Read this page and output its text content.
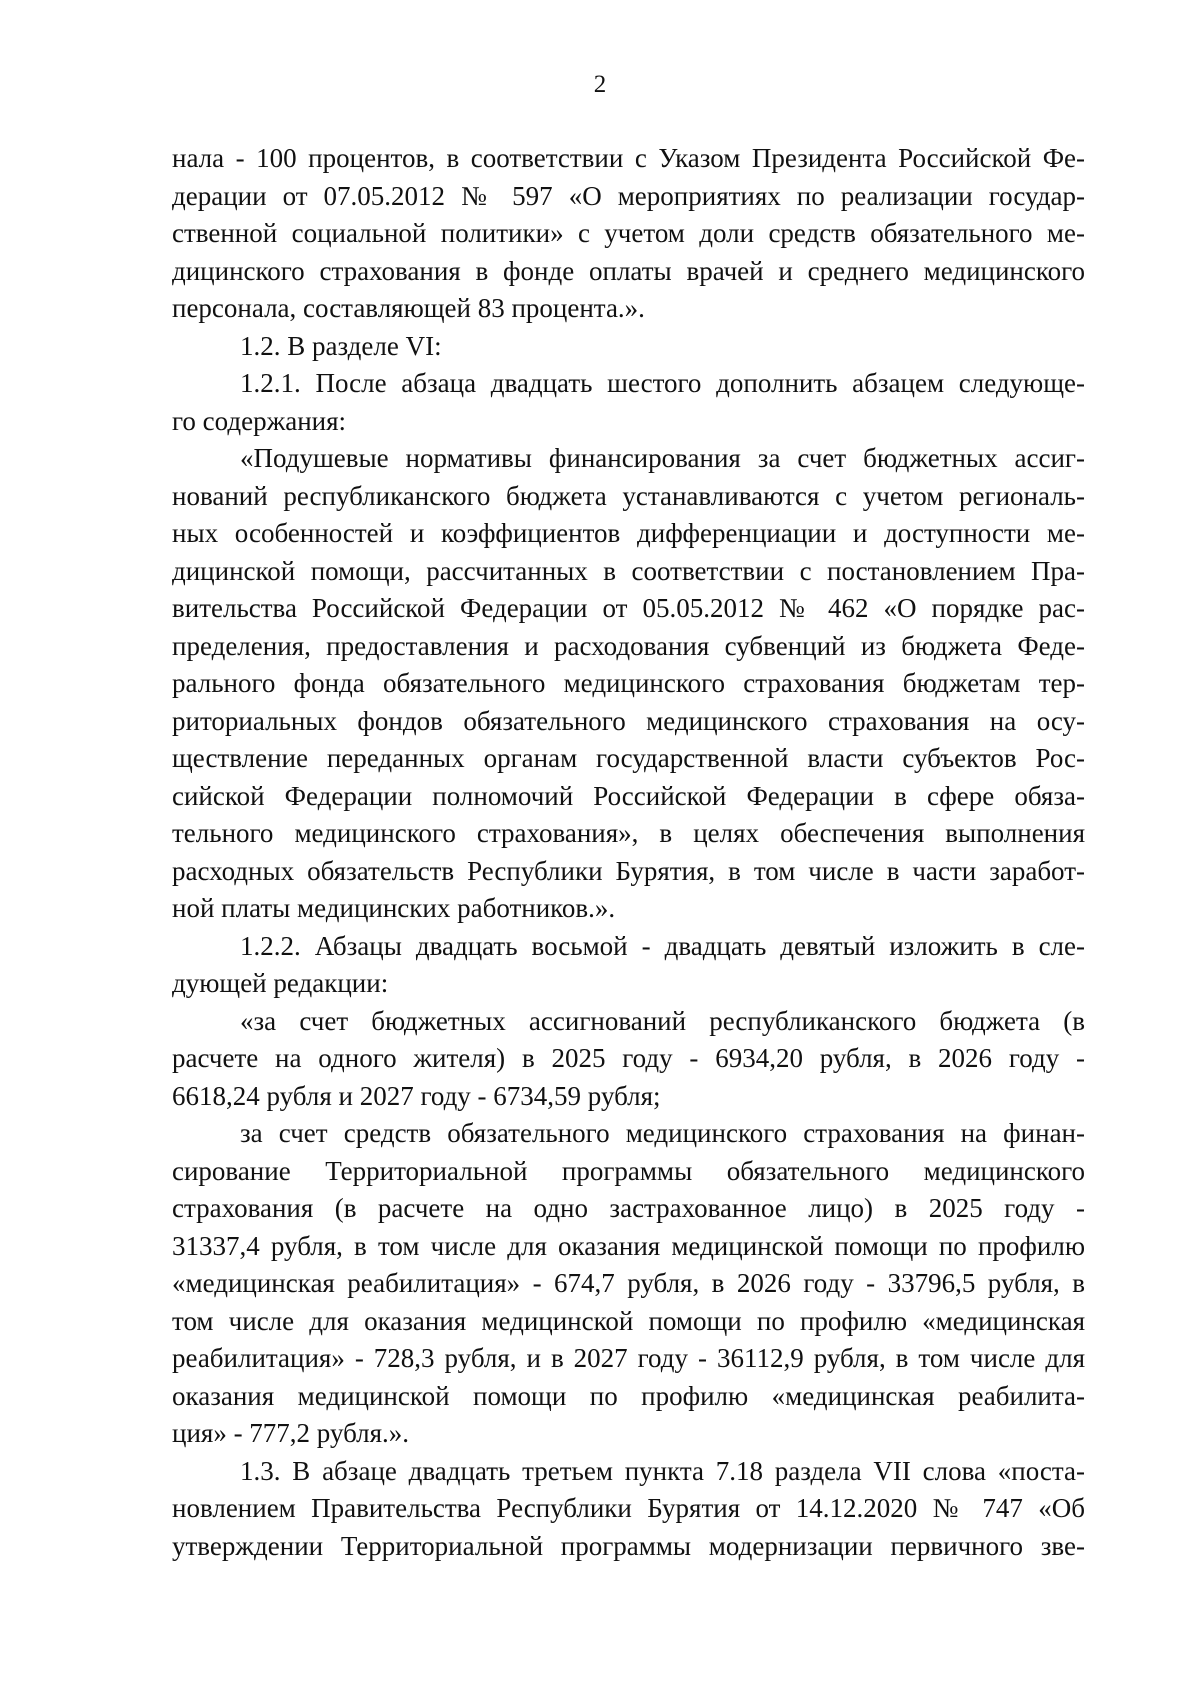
2
нала - 100 процентов, в соответствии с Указом Президента Российской Фе-
дерации от 07.05.2012 № 597 «О мероприятиях по реализации государ-
ственной социальной политики» с учетом доли средств обязательного ме-
дицинского страхования в фонде оплаты врачей и среднего медицинского
персонала, составляющей 83 процента.».
1.2. В разделе VI:
1.2.1. После абзаца двадцать шестого дополнить абзацем следующе-
го содержания:
«Подушевые нормативы финансирования за счет бюджетных ассиг-
нований республиканского бюджета устанавливаются с учетом региональ-
ных особенностей и коэффициентов дифференциации и доступности ме-
дицинской помощи, рассчитанных в соответствии с постановлением Пра-
вительства Российской Федерации от 05.05.2012 № 462 «О порядке рас-
пределения, предоставления и расходования субвенций из бюджета Феде-
рального фонда обязательного медицинского страхования бюджетам тер-
риториальных фондов обязательного медицинского страхования на осу-
ществление переданных органам государственной власти субъектов Рос-
сийской Федерации полномочий Российской Федерации в сфере обяза-
тельного медицинского страхования», в целях обеспечения выполнения
расходных обязательств Республики Бурятия, в том числе в части заработ-
ной платы медицинских работников.».
1.2.2. Абзацы двадцать восьмой - двадцать девятый изложить в сле-
дующей редакции:
«за счет бюджетных ассигнований республиканского бюджета (в
расчете на одного жителя) в 2025 году - 6934,20 рубля, в 2026 году -
6618,24 рубля и 2027 году - 6734,59 рубля;
за счет средств обязательного медицинского страхования на финан-
сирование Территориальной программы обязательного медицинского
страхования (в расчете на одно застрахованное лицо) в 2025 году -
31337,4 рубля, в том числе для оказания медицинской помощи по профилю
«медицинская реабилитация» - 674,7 рубля, в 2026 году - 33796,5 рубля, в
том числе для оказания медицинской помощи по профилю «медицинская
реабилитация» - 728,3 рубля, и в 2027 году - 36112,9 рубля, в том числе для
оказания медицинской помощи по профилю «медицинская реабилита-
ция» - 777,2 рубля.».
1.3. В абзаце двадцать третьем пункта 7.18 раздела VII слова «поста-
новлением Правительства Республики Бурятия от 14.12.2020 № 747 «Об
утверждении Территориальной программы модернизации первичного зве-
